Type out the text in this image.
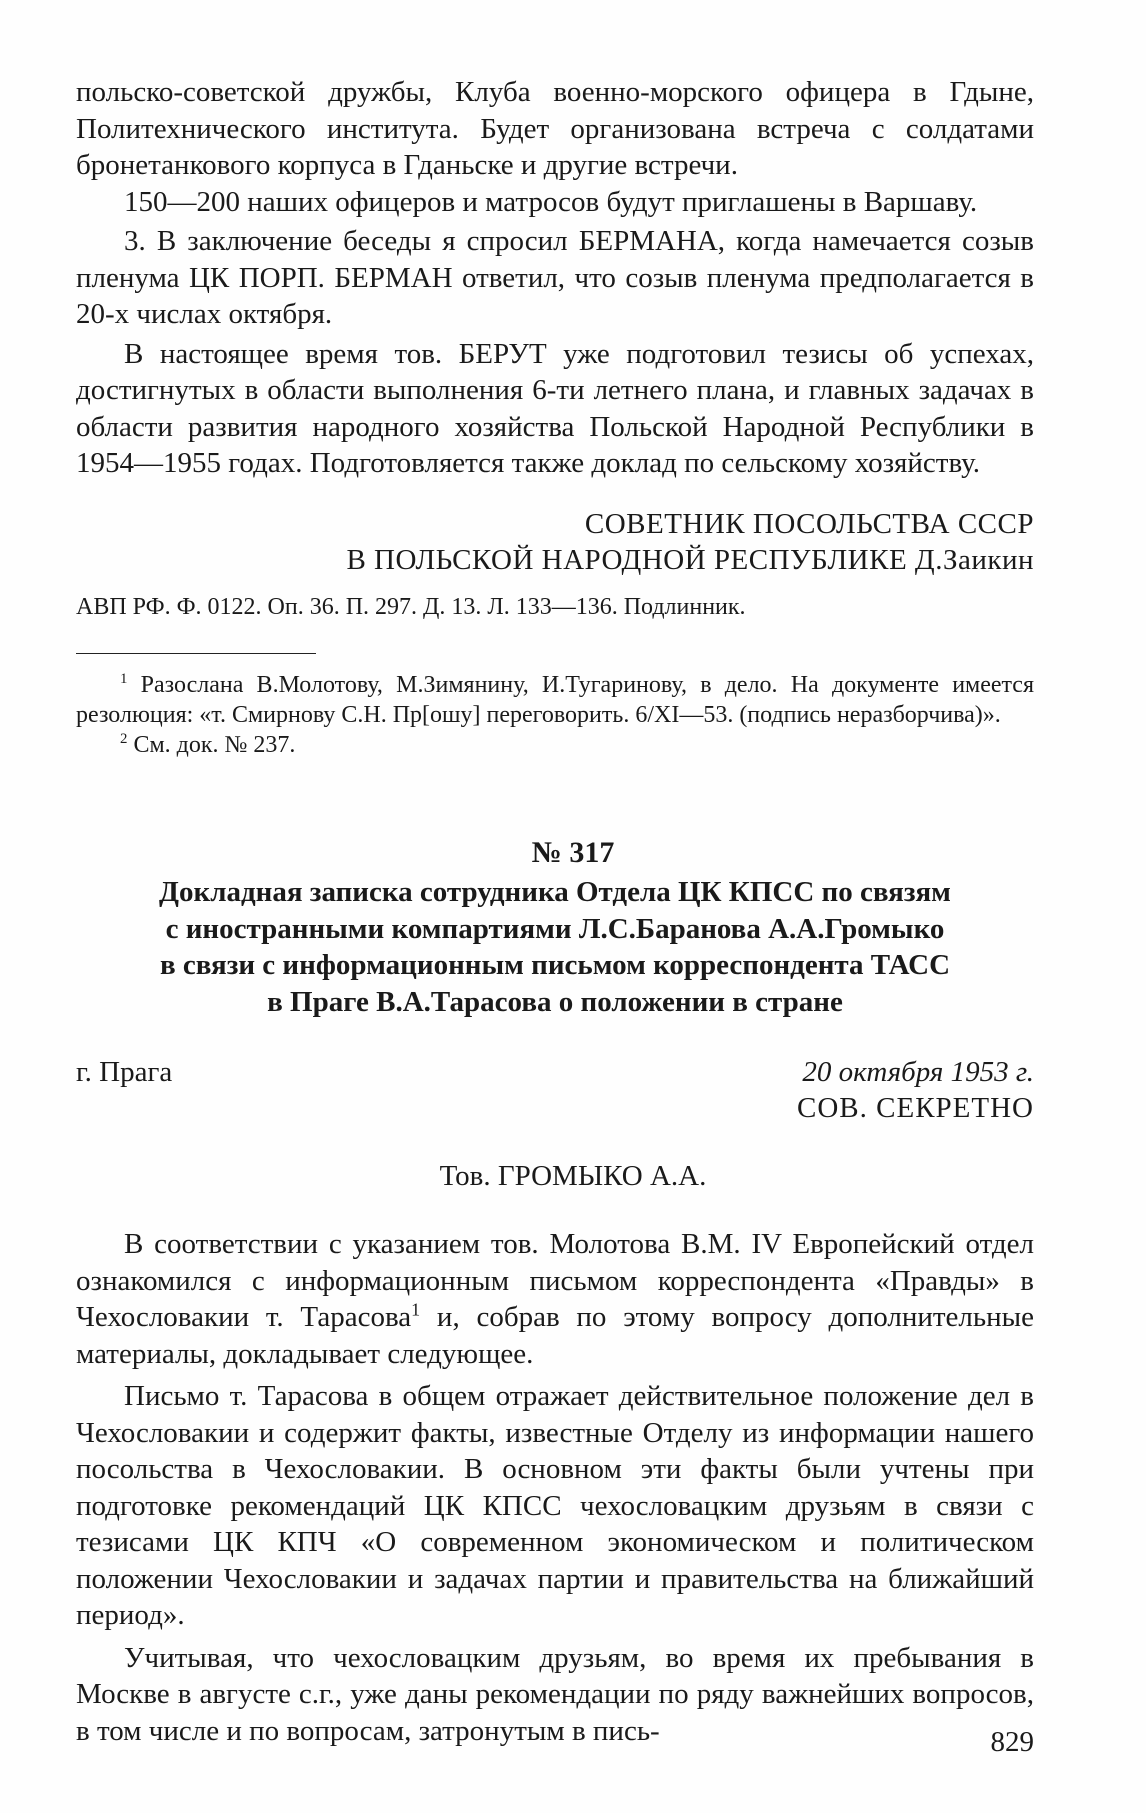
польско-советской дружбы, Клуба военно-морского офицера в Гдыне, Политехнического института. Будет организована встреча с солдатами бронетанкового корпуса в Гданьске и другие встречи.

150—200 наших офицеров и матросов будут приглашены в Варшаву.

3. В заключение беседы я спросил БЕРМАНА, когда намечается созыв пленума ЦК ПОРП. БЕРМАН ответил, что созыв пленума предполагается в 20-х числах октября.

В настоящее время тов. БЕРУТ уже подготовил тезисы об успехах, достигнутых в области выполнения 6-ти летнего плана, и главных задачах в области развития народного хозяйства Польской Народной Республики в 1954—1955 годах. Подготовляется также доклад по сельскому хозяйству.

СОВЕТНИК ПОСОЛЬСТВА СССР

В ПОЛЬСКОЙ НАРОДНОЙ РЕСПУБЛИКЕ Д.Заикин

АВП РФ. Ф. 0122. Оп. 36. П. 297. Д. 13. Л. 133—136. Подлинник.

$^1$ Разослана В.Молотову, М.Зимянину, И.Тугаринову, в дело. На документе имеется резолюция: «т. Смирнову С.Н. Пр[ошу] переговорить. 6/XI—53. (подпись неразборчива)».

$^2$ См. док. № 237.

№ 317
Докладная записка сотрудника Отдела ЦК КПСС по связям
с иностранными компартиями Л.С.Баранова А.А.Громыко
в связи с информационным письмом корреспондента ТАСС
в Праге В.А.Тарасова о положении в стране
г. Прага	20 октября 1953 г.
СОВ. СЕКРЕТНО
Тов. ГРОМЫКО А.А.

В соответствии с указанием тов. Молотова В.М. IV Европейский отдел ознакомился с информационным письмом корреспондента «Правды» в Чехословакии т. Тарасова$^1$ и, собрав по этому вопросу дополнительные материалы, докладывает следующее.

Письмо т. Тарасова в общем отражает действительное положение дел в Чехословакии и содержит факты, известные Отделу из информации нашего посольства в Чехословакии. В основном эти факты были учтены при подготовке рекомендаций ЦК КПСС чехословацким друзьям в связи с тезисами ЦК КПЧ «О современном экономическом и политическом положении Чехословакии и задачах партии и правительства на ближайший период».

Учитывая, что чехословацким друзьям, во время их пребывания в Москве в августе с.г., уже даны рекомендации по ряду важнейших вопросов, в том числе и по вопросам, затронутым в пись-	829
